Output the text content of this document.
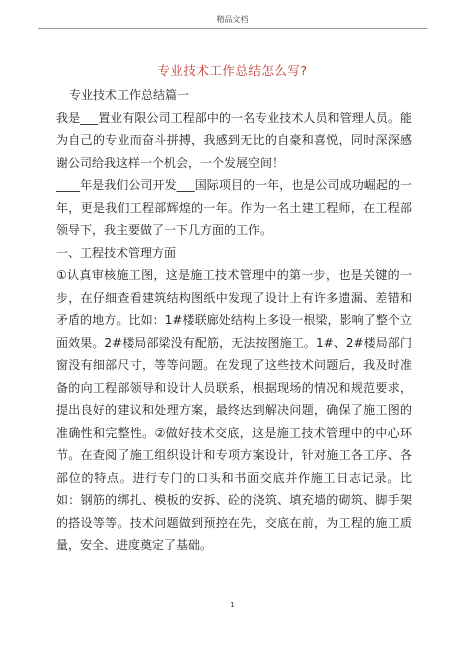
精品文档
专业技术工作总结怎么写?

专业技术工作总结篇一

我是___置业有限公司工程部中的一名专业技术人员和管理人员。能为自己的专业而奋斗拼搏，我感到无比的自豪和喜悦，同时深深感谢公司给我这样一个机会，一个发展空间！

____年是我们公司开发___国际项目的一年，也是公司成功崛起的一年，更是我们工程部辉煌的一年。作为一名土建工程师，在工程部领导下，我主要做了一下几方面的工作。

一、工程技术管理方面

①认真审核施工图，这是施工技术管理中的第一步，也是关键的一步，在仔细查看建筑结构图纸中发现了设计上有许多遗漏、差错和矛盾的地方。比如：1#楼联廊处结构上多设一根梁，影响了整个立面效果。2#楼局部梁没有配筋，无法按图施工。1#、2#楼局部门窗没有细部尺寸，等等问题。在发现了这些技术问题后，我及时准备的向工程部领导和设计人员联系，根据现场的情况和规范要求，提出良好的建议和处理方案，最终达到解决问题，确保了施工图的准确性和完整性。②做好技术交底，这是施工技术管理中的中心环节。在查阅了施工组织设计和专项方案设计，针对施工各工序、各部位的特点。进行专门的口头和书面交底并作施工日志记录。比如：钢筋的绑扎、模板的安拆、砼的浇筑、填充墙的砌筑、脚手架的搭设等等。技术问题做到预控在先，交底在前，为工程的施工质量，安全、进度奠定了基础。

1
